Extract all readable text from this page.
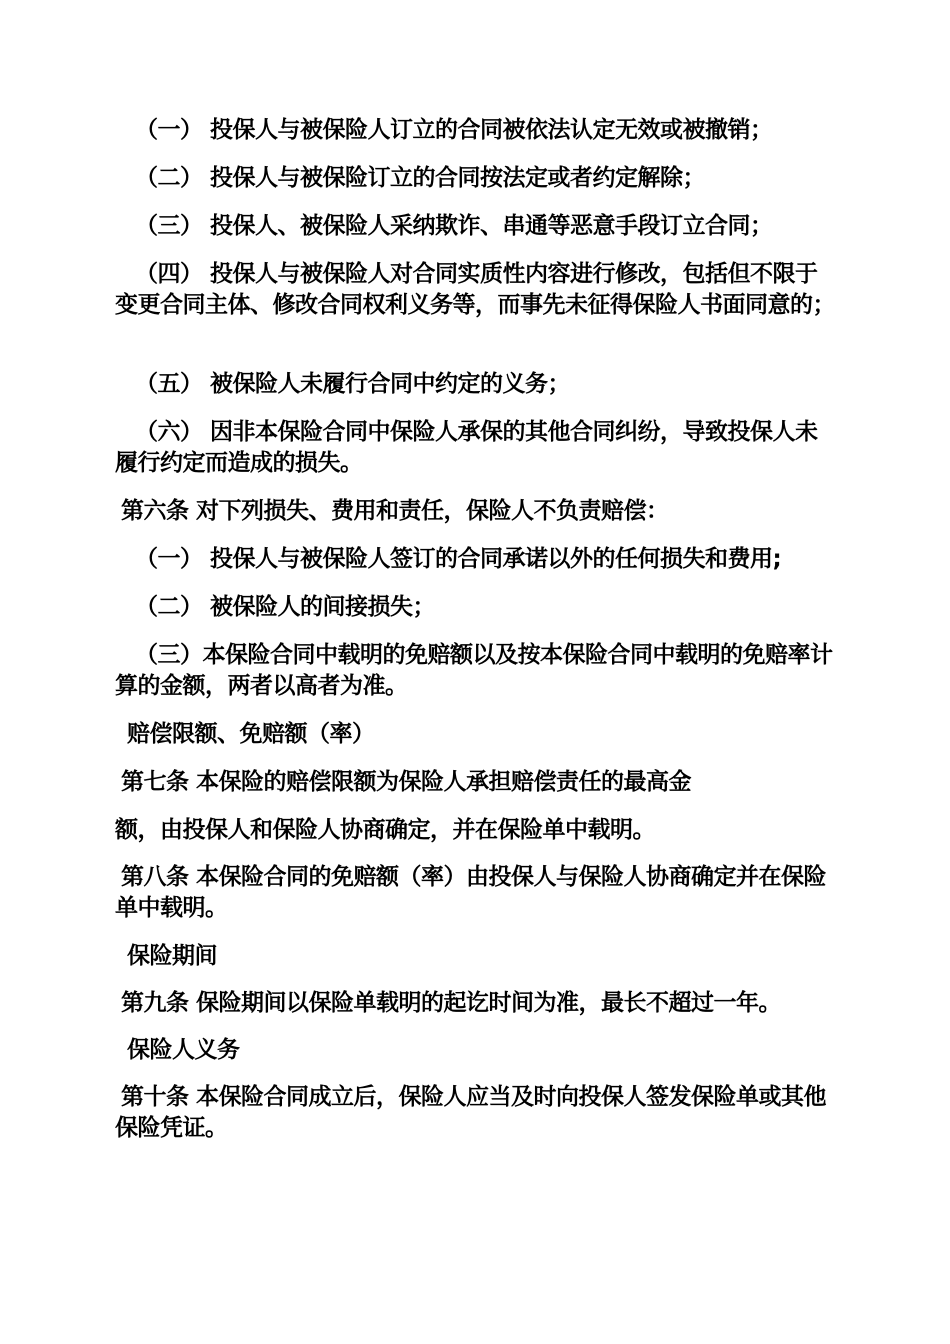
（一） 投保人与被保险人订立的合同被依法认定无效或被撤销；
（二） 投保人与被保险订立的合同按法定或者约定解除；
（三） 投保人、被保险人采纳欺诈、串通等恶意手段订立合同；
（四） 投保人与被保险人对合同实质性内容进行修改，包括但不限于变更合同主体、修改合同权利义务等，而事先未征得保险人书面同意的；
（五） 被保险人未履行合同中约定的义务；
（六） 因非本保险合同中保险人承保的其他合同纠纷，导致投保人未履行约定而造成的损失。
第六条 对下列损失、费用和责任，保险人不负责赔偿：
（一） 投保人与被保险人签订的合同承诺以外的任何损失和费用;
（二） 被保险人的间接损失；
（三）本保险合同中载明的免赔额以及按本保险合同中载明的免赔率计算的金额，两者以高者为准。
赔偿限额、免赔额（率）
第七条 本保险的赔偿限额为保险人承担赔偿责任的最高金
额，由投保人和保险人协商确定，并在保险单中载明。
第八条 本保险合同的免赔额（率）由投保人与保险人协商确定并在保险单中载明。
保险期间
第九条 保险期间以保险单载明的起讫时间为准，最长不超过一年。
保险人义务
第十条 本保险合同成立后，保险人应当及时向投保人签发保险单或其他保险凭证。
